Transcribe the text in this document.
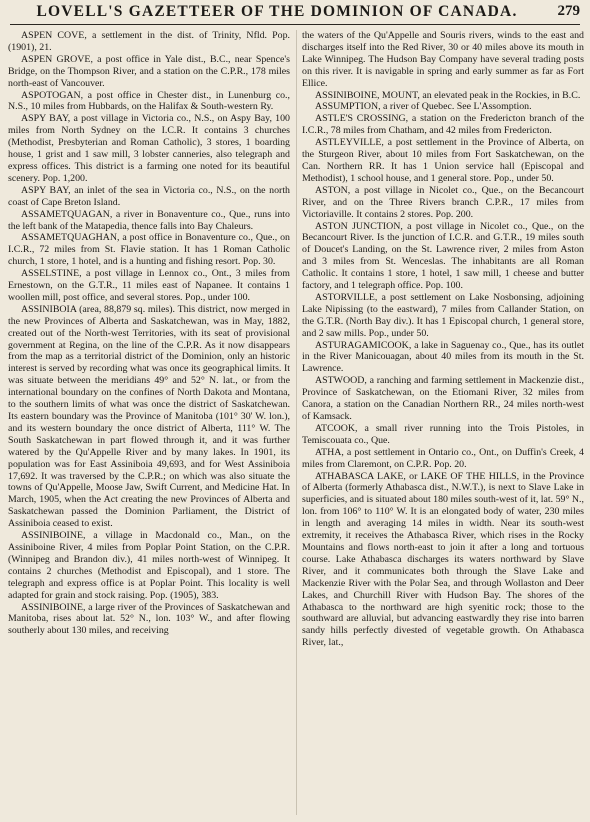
LOVELL'S GAZETTEER OF THE DOMINION OF CANADA.	279

ASPEN COVE, a settlement in the dist. of Trinity, Nfld. Pop. (1901), 21.

ASPEN GROVE, a post office in Yale dist., B.C., near Spence's Bridge, on the Thompson River, and a station on the C.P.R., 178 miles north-east of Vancouver.

ASPOTOGAN, a post office in Chester dist., in Lunenburg co., N.S., 10 miles from Hubbards, on the Halifax & South-western Ry.

ASPY BAY, a post village in Victoria co., N.S., on Aspy Bay, 100 miles from North Sydney on the I.C.R. It contains 3 churches (Methodist, Presbyterian and Roman Catholic), 3 stores, 1 boarding house, 1 grist and 1 saw mill, 3 lobster canneries, also telegraph and express offices. This district is a farming one noted for its beautiful scenery. Pop. 1,200.

ASPY BAY, an inlet of the sea in Victoria co., N.S., on the north coast of Cape Breton Island.

ASSAMETQUAGAN, a river in Bonaventure co., Que., runs into the left bank of the Matapedia, thence falls into Bay Chaleurs.

ASSAMETQUAGHAN, a post office in Bonaventure co., Que., on I.C.R., 72 miles from St. Flavie station. It has 1 Roman Catholic church, 1 store, 1 hotel, and is a hunting and fishing resort. Pop. 30.

ASSELSTINE, a post village in Lennox co., Ont., 3 miles from Ernestown, on the G.T.R., 11 miles east of Napanee. It contains 1 woollen mill, post office, and several stores. Pop., under 100.

ASSINIBOIA (area, 88,879 sq. miles). This district, now merged in the new Provinces of Alberta and Saskatchewan, was in May, 1882, created out of the North-west Territories, with its seat of provisional government at Regina, on the line of the C.P.R. As it now disappears from the map as a territorial district of the Dominion, only an historic interest is served by recording what was once its geographical limits. It was situate between the meridians 49° and 52° N. lat., or from the international boundary on the confines of North Dakota and Montana, to the southern limits of what was once the district of Saskatchewan. Its eastern boundary was the Province of Manitoba (101° 30' W. lon.), and its western boundary the once district of Alberta, 111° W. The South Saskatchewan in part flowed through it, and it was further watered by the Qu'Appelle River and by many lakes. In 1901, its population was for East Assiniboia 49,693, and for West Assiniboia 17,692. It was traversed by the C.P.R.; on which was also situate the towns of Qu'Appelle, Moose Jaw, Swift Current, and Medicine Hat. In March, 1905, when the Act creating the new Provinces of Alberta and Saskatchewan passed the Dominion Parliament, the District of Assiniboia ceased to exist.

ASSINIBOINE, a village in Macdonald co., Man., on the Assiniboine River, 4 miles from Poplar Point Station, on the C.P.R. (Winnipeg and Brandon div.), 41 miles north-west of Winnipeg. It contains 2 churches (Methodist and Episcopal), and 1 store. The telegraph and express office is at Poplar Point. This locality is well adapted for grain and stock raising. Pop. (1905), 383.

ASSINIBOINE, a large river of the Provinces of Saskatchewan and Manitoba, rises about lat. 52° N., lon. 103° W., and after flowing southerly about 130 miles, and receiving

the waters of the Qu'Appelle and Souris rivers, winds to the east and discharges itself into the Red River, 30 or 40 miles above its mouth in Lake Winnipeg. The Hudson Bay Company have several trading posts on this river. It is navigable in spring and early summer as far as Fort Ellice.

ASSINIBOINE, MOUNT, an elevated peak in the Rockies, in B.C.

ASSUMPTION, a river of Quebec. See L'Assomption.

ASTLE'S CROSSING, a station on the Fredericton branch of the I.C.R., 78 miles from Chatham, and 42 miles from Fredericton.

ASTLEYVILLE, a post settlement in the Province of Alberta, on the Sturgeon River, about 10 miles from Fort Saskatchewan, on the Can. Northern RR. It has 1 Union service hall (Episcopal and Methodist), 1 school house, and 1 general store. Pop., under 50.

ASTON, a post village in Nicolet co., Que., on the Becancourt River, and on the Three Rivers branch C.P.R., 17 miles from Victoriaville. It contains 2 stores. Pop. 200.

ASTON JUNCTION, a post village in Nicolet co., Que., on the Becancourt River. Is the junction of I.C.R. and G.T.R., 19 miles south of Doucet's Landing, on the St. Lawrence river, 2 miles from Aston and 3 miles from St. Wenceslas. The inhabitants are all Roman Catholic. It contains 1 store, 1 hotel, 1 saw mill, 1 cheese and butter factory, and 1 telegraph office. Pop. 100.

ASTORVILLE, a post settlement on Lake Nosbonsing, adjoining Lake Nipissing (to the eastward), 7 miles from Callander Station, on the G.T.R. (North Bay div.). It has 1 Episcopal church, 1 general store, and 2 saw mills. Pop., under 50.

ASTURAGAMICOOK, a lake in Saguenay co., Que., has its outlet in the River Manicouagan, about 40 miles from its mouth in the St. Lawrence.

ASTWOOD, a ranching and farming settlement in Mackenzie dist., Province of Saskatchewan, on the Etiomani River, 32 miles from Canora, a station on the Canadian Northern RR., 24 miles north-west of Kamsack.

ATCOOK, a small river running into the Trois Pistoles, in Temiscouata co., Que.

ATHA, a post settlement in Ontario co., Ont., on Duffin's Creek, 4 miles from Claremont, on C.P.R. Pop. 20.

ATHABASCA LAKE, or LAKE OF THE HILLS, in the Province of Alberta (formerly Athabasca dist., N.W.T.), is next to Slave Lake in superficies, and is situated about 180 miles south-west of it, lat. 59° N., lon. from 106° to 110° W. It is an elongated body of water, 230 miles in length and averaging 14 miles in width. Near its south-west extremity, it receives the Athabasca River, which rises in the Rocky Mountains and flows north-east to join it after a long and tortuous course. Lake Athabasca discharges its waters northward by Slave River, and it communicates both through the Slave Lake and Mackenzie River with the Polar Sea, and through Wollaston and Deer Lakes, and Churchill River with Hudson Bay. The shores of the Athabasca to the northward are high syenitic rock; those to the southward are alluvial, but advancing eastwardly they rise into barren sandy hills perfectly divested of vegetable growth. On Athabasca River, lat.,
